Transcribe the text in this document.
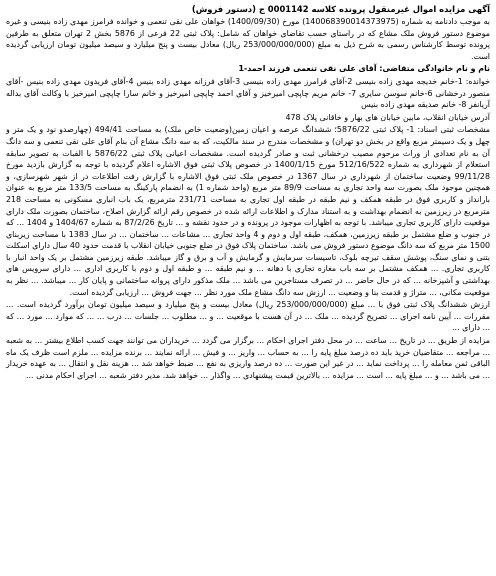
آگهی مزایده اموال غیرمنقول پرونده کلاسه 0001142 ج (دستور فروش)

به موجب دادنامه به شماره (140068390014373975) مورخ (1400/09/30) خواهان علی نقی تنعمی و خوانده فرامرز مهدی زاده بنیسی و غیره موضوع دستور فروش ملک مشاع که در راستای حسب تقاضای خواهان که شامل: پلاک ثبتی 22 فرعی از 5876 بخش 2 تهران متعلق به طرفین پرونده توسط کارشناس رسمی به شرح ذیل به مبلغ (253/000/000/000 ریال) معادل بیست و پنج میلیارد و سیصد میلیون تومان ارزیابی گردیده است.

نام و نام خانوادگی متقاضی: آقای علی نقی تنعمی فرزند احمد-1

خوانده: 1-خانم خدیجه مهدی زاده بنیسی 2-آقای فرامرز مهدی زاده بنیسی 3-آقای فرزانه مهدی زاده بنیس 4-آقای فریدون مهدی زاده بنیس -آقای منصور درخشانی 6-خانم سوسن سایری 7- خانم مریم چاپچی امیرخیز و آقای احمد چاپچی امیرخیز و خانم سارا چاپچی امیرخیز با وکالت آقای بداله آریانفر 8- خانم صدیقه مهدی زاده بنیس

آدرس خیابان انقلاب، مابین خیابان های بهار و خاقانی پلاک 478

مشخصات ثبتی اسناد: 1- پلاک ثبتی 5876/22؛ ششدانگ عرصه و اعیان زمین(وضعیت خاص ملک) به مساحت 494/41 (چهارصدو نود و یک متر و چهل و یک دسیمتر مربع واقع در بخش دو تهران) و مشخصات مندرج در سند مالکیت، که به سه دانگ مشاع آن بنام آقای علی نقی تنعمی و سه دانگ آن به نام تعدادی از وراث مرحوم مصیب درخشانی ثبت و صادر گردیده است. مشخصات اعیانی پلاک ثبتی 5876/22 با الفبات به تصویر سابقه استعلام از شهرداری به شماره 512/16/522 مورخ 1400/1/15 در خصوص پلاک ثبتی فوق الاشاره اعلام گردیده با توجه به گزارش بازدید مورخ 99/11/28 وضعیت ساختمان از شهرداری در سال 1367 در خصوص ملک ثبتی فوق الاشاره با گزارش رفت اطلاعات در از شهر شهرسازی، و همچنین موجود ملک بصورت سه واحد تجاری به مساحت 89/9 متر مربع (واحد شماره 1) به انضمام پارکینگ به مساحت 133/5 متر مربع به عنوان بارانداز و کاربری فوق در طبقه همکف و نیم طبقه در طبقه اول تجاری به مساحت 231/71 مترمربع، یک باب انباری مسکونی به مساحت 218 مترمربع در زیرزمین به انضمام بهداشت و به استناد مدارک و اطلاعات ارائه شده در خصوص رقم ارائه گزارش اصلاح، ساختمان بصورت ملک دارای موقعیت دارای کاربری تجاری میباشد. با توجه به اظهارات موجود در پرونده و در حدود نقشه و ... تاریخ 87/2/26 به شماره 1404/67 و 1404 ... که در جنوب و ضلع مشتمل بر طبقه زیرزمین، همکف، طبقه اول و دوم و 4 واحد تجاری ... مشاعات ... ساختمان ... در سال 1383 با مساحت زیربنای 1500 متر مربع که سه دانگ موضوع دستور فروش می باشد. ساختمان پلاک فوق در ضلع جنوبی خیابان انقلاب با قدمت حدود 40 سال دارای اسکلت بتنی و نمای سنگ، پوشش سقف تیرچه بلوک، تاسیسات سرمایش و گرمایش و آب و برق و گاز میباشد. طبقه زیرزمین مشتمل بر یک واحد انبار با کاربری تجاری. ... همکف مشتمل بر سه باب مغازه تجاری با دهانه ... و نیم طبقه ... و طبقه اول و دوم با کاربری اداری ... دارای سرویس های بهداشتی و آشپزخانه ... که در حال حاضر ... در تصرف مستاجرین می باشد ... ملک مذکور دارای پروانه ساختمانی و پایان کار ... میباشد. ... نظر به موقعیت مکانی، ... متراژ و قدمت بنا و وضعیت ... ارزش سه دانگ مشاع ملک مورد نظر ... جهت فروش ... ارزیابی گردیده است.

ارزش ششدانگ پلاک ثبتی فوق با ... مبلغ (253/000/000/000 ریال) معادل بیست و پنج میلیارد و سیصد میلیون تومان برآورد گردیده است. ... مقررات ... آیین نامه اجرای ... تصریح گردیده ... ملک ... در آن هست با موقعیت ... و ... مطلوب ... جلسات ... درب ... ... که موارد ... مورد ... که ... دارای ...

مزایده از طریق ... در تاریخ ... ساعت ... در محل دفتر اجرای احکام ... برگزار می گردد ... خریداران می توانند جهت کسب اطلاع بیشتر ... به شعبه ... مراجعه ... متقاضیان خرید باید ده درصد مبلغ پایه را ... به حساب ... واریز ... و فیش ... ارائه نمایند ... برنده مزایده ... ملزم است ظرف یک ماه الباقی ثمن معامله را ... پرداخت نماید ... در غیر این صورت ... ده درصد واریزی به نفع ... ضبط خواهد شد ... هزینه نقل و انتقال ... به عهده خریدار ... می باشد ... و ... مبلغ پایه ... است ... مزایده ... بالاترین قیمت پیشنهادی ... واگذار ... خواهد شد. مدیر دفتر شعبه ... اجرای احکام مدنی ...
